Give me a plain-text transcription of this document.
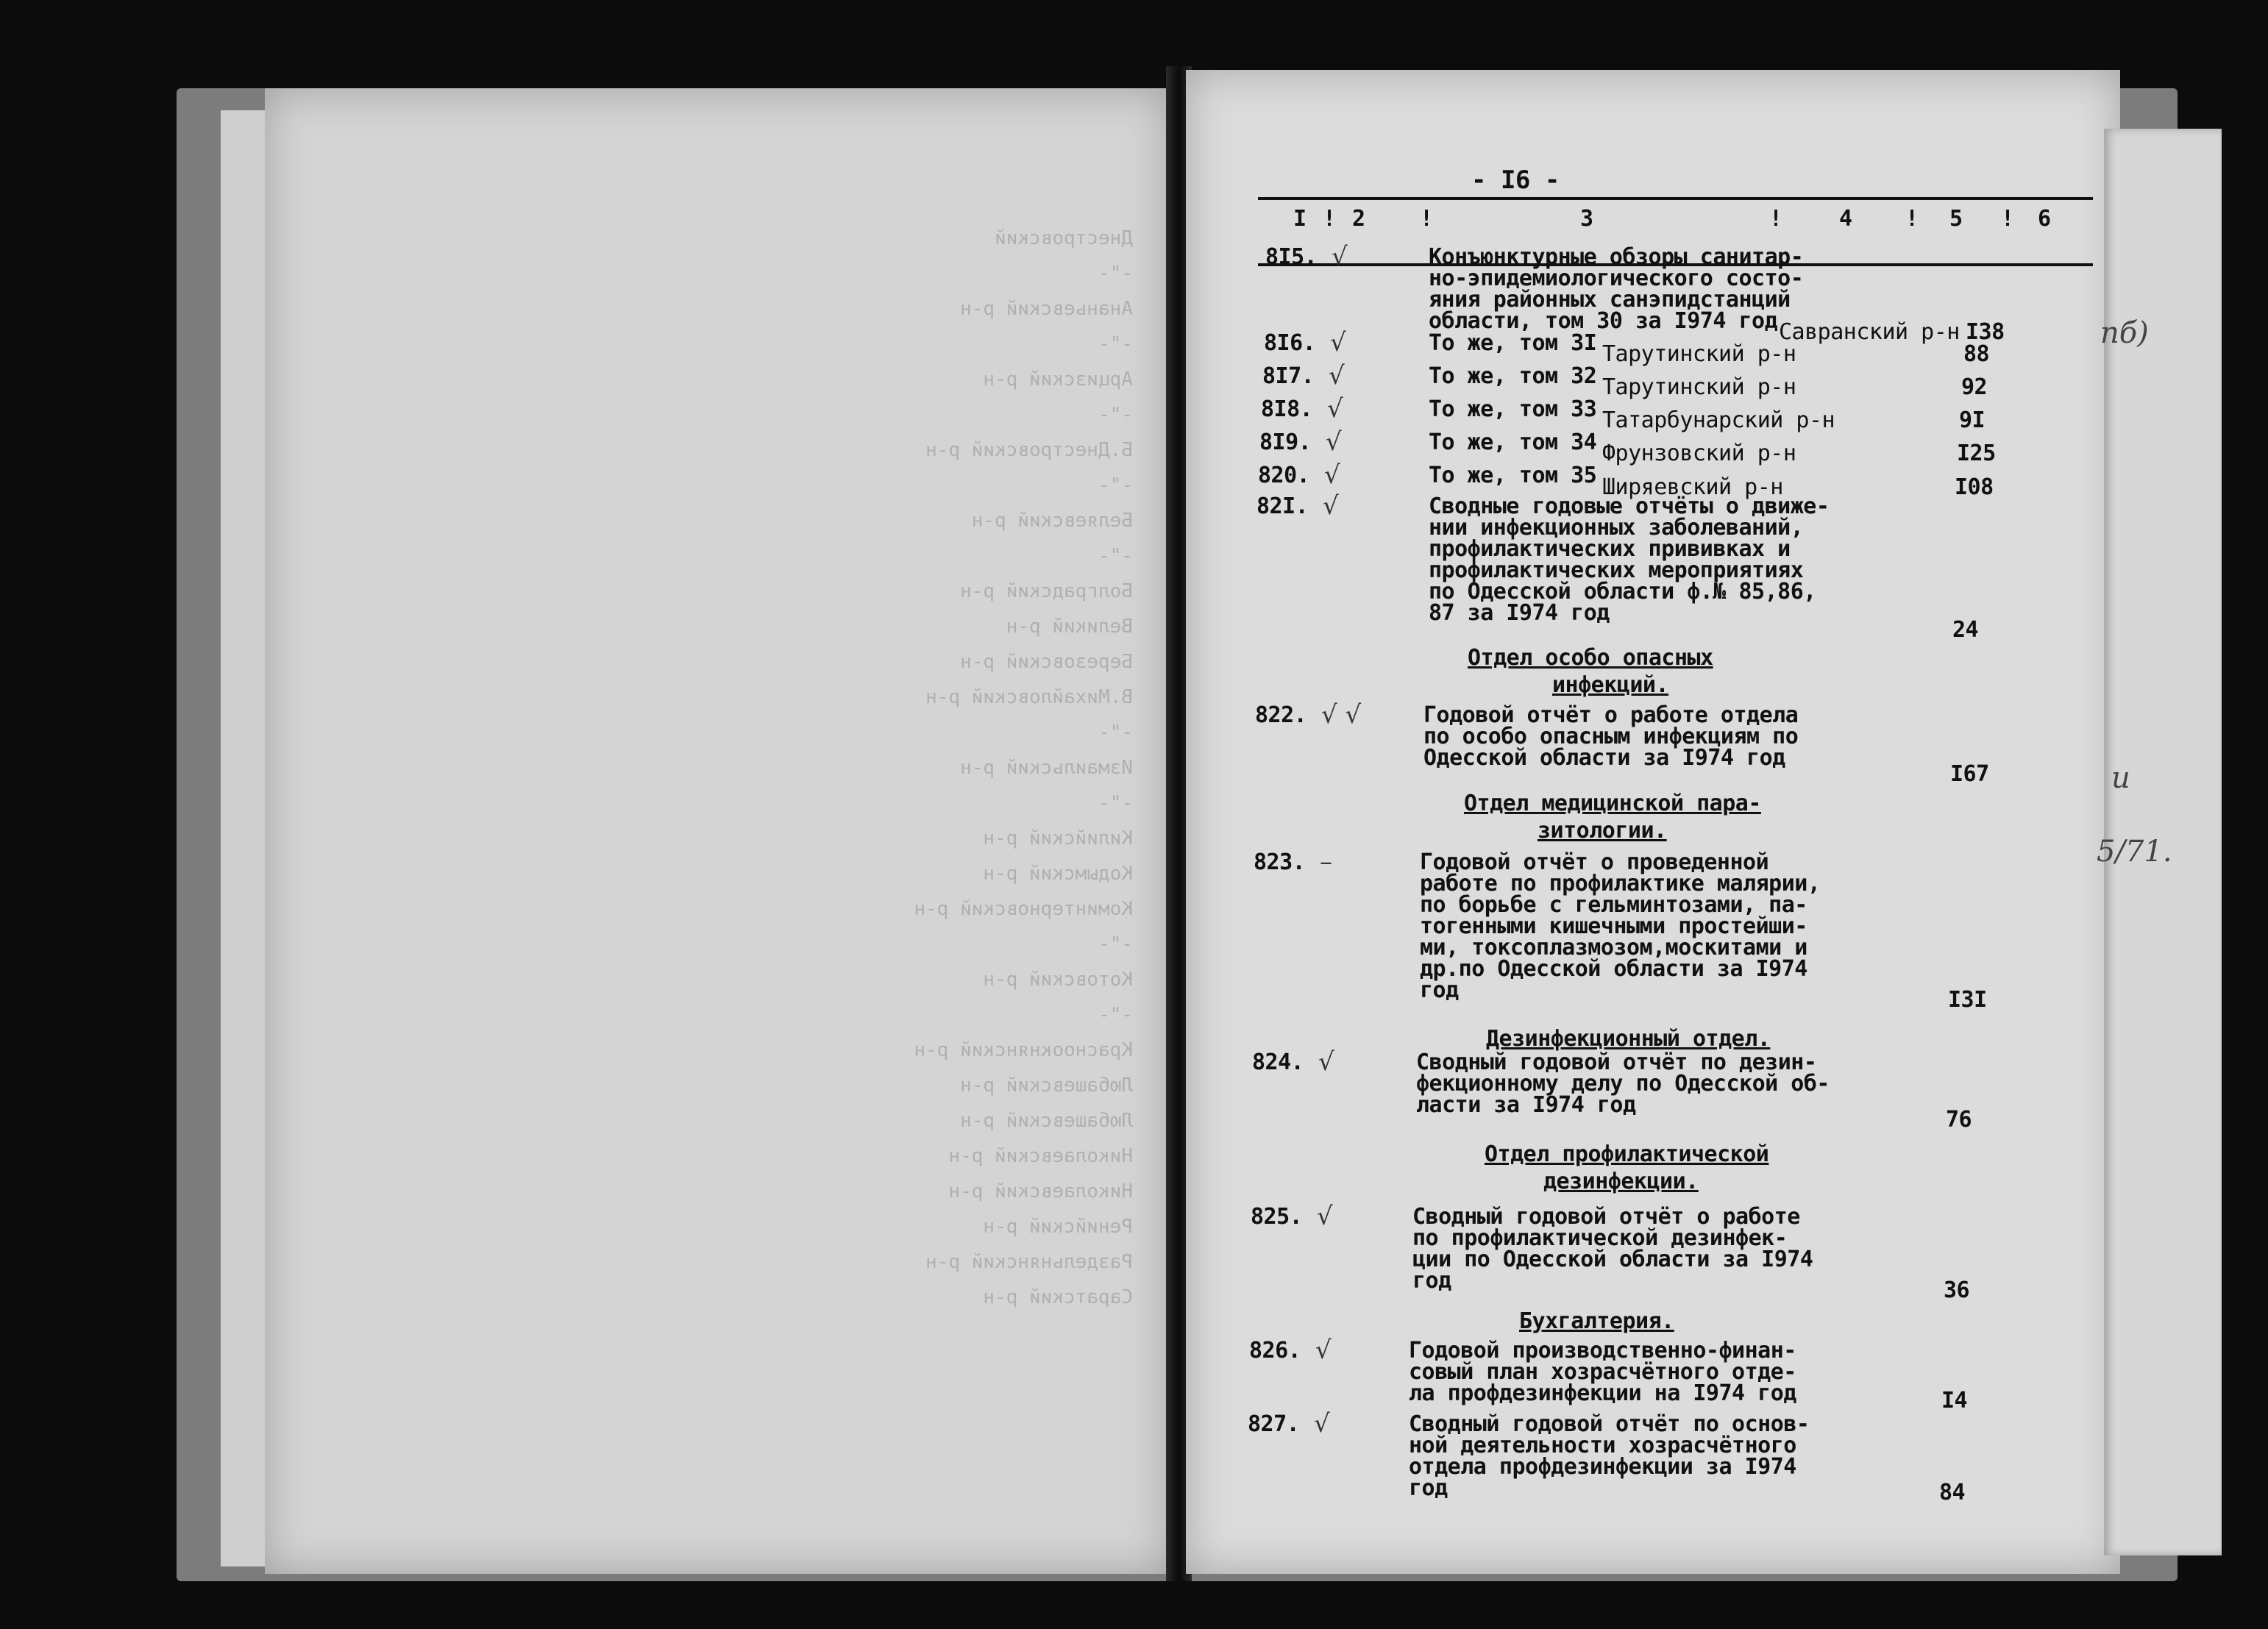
Днестровский
-"-
Ананьевский р-н
-"-
Арцизский р-н
-"-
Б.Днестровский р-н
-"-
Беляевский р-н
-"-
Болградский р-н
Великий р-н
Березовский р-н
В.Михайловский р-н
-"-
Измаильский р-н
-"-
Килийский р-н
Кодымский р-н
Коминтерновский р-н
-"-
Котовский р-н
-"-
Красноокнянский р-н
Любашевский р-н
Любашевский р-н
Николаевский р-н
Николаевский р-н
Ренийский р-н
Раздельнянский р-н
Саратский р-н
пб)
и
5/71.
- I6 -
I ! 2 !	3	!	4 ! 5 ! 6
8I5. √	Конъюнктурные обзоры санитар-
но-эпидемиологического состо-
яния районных санэпидстанций
области, том 30 за I974 год Савранский р-н I38
8I6. √	То же, том 3I Тарутинский р-н	88
8I7. √	То же, том 32 Тарутинский р-н	92
8I8. √	То же, том 33 Татарбунарский р-н	9I
8I9. √	То же, том 34 Фрунзовский р-н	I25
820. √	То же, том 35 Ширяевский р-н	I08
82I. √	Сводные годовые отчёты о движе-
нии инфекционных заболеваний,
профилактических прививках и
профилактических мероприятиях
по Одесской области ф.№ 85,86,
87 за I974 год
24
822. √ √	Годовой отчёт о работе отдела
по особо опасным инфекциям по
Одесской области за I974 год
I67
823. –	Годовой отчёт о проведенной
работе по профилактике малярии,
по борьбе с гельминтозами, па-
тогенными кишечными простейши-
ми, токсоплазмозом,москитами и
др.по Одесской области за I974
год	I3I
824. √	Сводный годовой отчёт по дезин-
фекционному делу по Одесской об-
ласти за I974 год
76
825. √	Сводный годовой отчёт о работе
по профилактической дезинфек-
ции по Одесской области за I974
год	36
826. √	Годовой производственно-финан-
совый план хозрасчётного отде-
ла профдезинфекции на I974 год	I4
827. √	Сводный годовой отчёт по основ-
ной деятельности хозрасчётного
отдела профдезинфекции за I974
год	84
Отдел особо опасных
инфекций.
Отдел медицинской пара-
зитологии.
Дезинфекционный отдел.
Отдел профилактической
дезинфекции.
Бухгалтерия.
